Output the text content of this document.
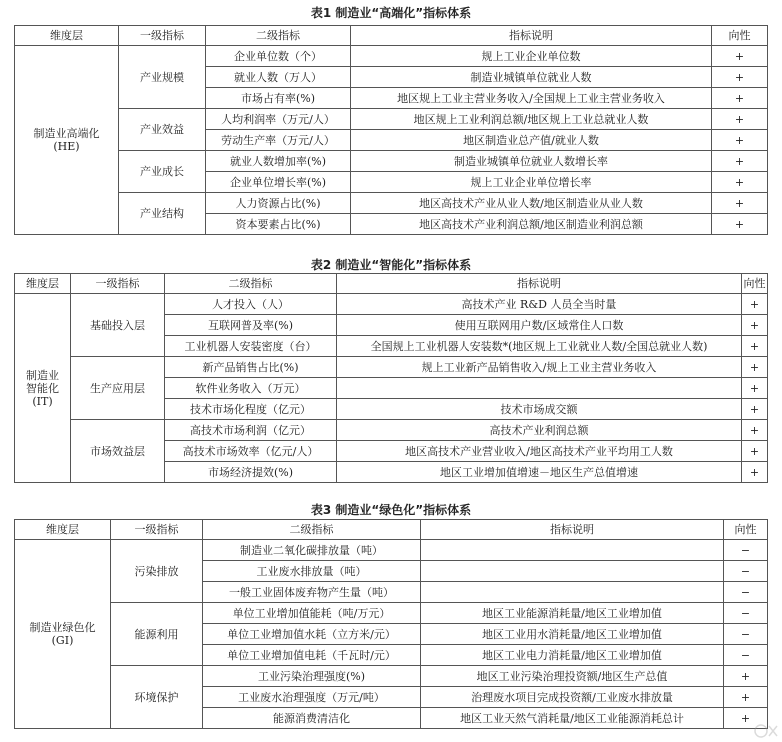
表1 制造业“高端化”指标体系
维度层	一级指标	二级指标	指标说明	向性
制造业高端化
(HE)	产业规模	企业单位数（个）	规上工业企业单位数	+
		就业人数（万人）	制造业城镇单位就业人数	+
		市场占有率(%)	地区规上工业主营业务收入/全国规上工业主营业务收入	+
	产业效益	人均利润率（万元/人）	地区规上工业利润总额/地区规上工业总就业人数	+
		劳动生产率（万元/人）	地区制造业总产值/就业人数	+
	产业成长	就业人数增加率(%)	制造业城镇单位就业人数增长率	+
		企业单位增长率(%)	规上工业企业单位增长率	+
	产业结构	人力资源占比(%)	地区高技术产业从业人数/地区制造业从业人数	+
		资本要素占比(%)	地区高技术产业利润总额/地区制造业利润总额	+
表2 制造业“智能化”指标体系
维度层	一级指标	二级指标	指标说明	向性
制造业
智能化
(IT)	基础投入层	人才投入（人）	高技术产业 R&D 人员全当时量	+
		互联网普及率(%)	使用互联网用户数/区域常住人口数	+
		工业机器人安装密度（台）	全国规上工业机器人安装数*(地区规上工业就业人数/全国总就业人数)	+
	生产应用层	新产品销售占比(%)	规上工业新产品销售收入/规上工业主营业务收入	+
		软件业务收入（万元）		+
		技术市场化程度（亿元）	技术市场成交额	+
	市场效益层	高技术市场利润（亿元）	高技术产业利润总额	+
		高技术市场效率（亿元/人）	地区高技术产业营业收入/地区高技术产业平均用工人数	+
		市场经济提效(%)	地区工业增加值增速－地区生产总值增速	+
表3 制造业“绿色化”指标体系
维度层	一级指标	二级指标	指标说明	向性
制造业绿色化
(GI)	污染排放	制造业二氧化碳排放量（吨）		−
		工业废水排放量（吨）		−
		一般工业固体废弃物产生量（吨）		−
	能源利用	单位工业增加值能耗（吨/万元）	地区工业能源消耗量/地区工业增加值	−
		单位工业增加值水耗（立方米/元）	地区工业用水消耗量/地区工业增加值	−
		单位工业增加值电耗（千瓦时/元）	地区工业电力消耗量/地区工业增加值	−
	环境保护	工业污染治理强度(%)	地区工业污染治理投资额/地区生产总值	+
		工业废水治理强度（万元/吨）	治理废水项目完成投资额/工业废水排放量	+
		能源消费清洁化	地区工业天然气消耗量/地区工业能源消耗总计	+
